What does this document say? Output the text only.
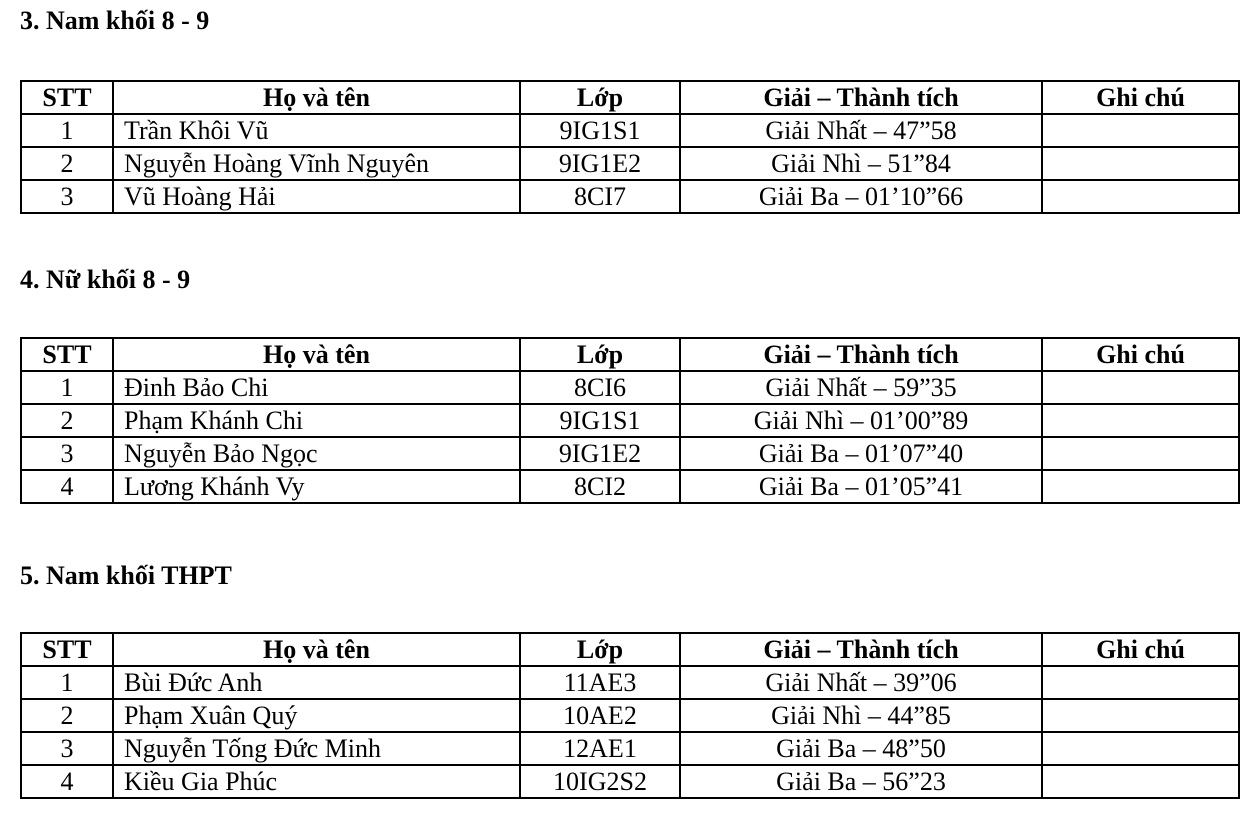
3. Nam khối 8 - 9
STT	Họ và tên	Lớp	Giải – Thành tích	Ghi chú
1	Trần Khôi Vũ	9IG1S1	Giải Nhất – 47”58	
2	Nguyễn Hoàng Vĩnh Nguyên	9IG1E2	Giải Nhì – 51”84	
3	Vũ Hoàng Hải	8CI7	Giải Ba – 01’10”66	
4. Nữ khối 8 - 9
STT	Họ và tên	Lớp	Giải – Thành tích	Ghi chú
1	Đinh Bảo Chi	8CI6	Giải Nhất – 59”35	
2	Phạm Khánh Chi	9IG1S1	Giải Nhì – 01’00”89	
3	Nguyễn Bảo Ngọc	9IG1E2	Giải Ba – 01’07”40	
4	Lương Khánh Vy	8CI2	Giải Ba – 01’05”41	
5. Nam khối THPT
STT	Họ và tên	Lớp	Giải – Thành tích	Ghi chú
1	Bùi Đức Anh	11AE3	Giải Nhất – 39”06	
2	Phạm Xuân Quý	10AE2	Giải Nhì – 44”85	
3	Nguyễn Tống Đức Minh	12AE1	Giải Ba – 48”50	
4	Kiều Gia Phúc	10IG2S2	Giải Ba – 56”23	
